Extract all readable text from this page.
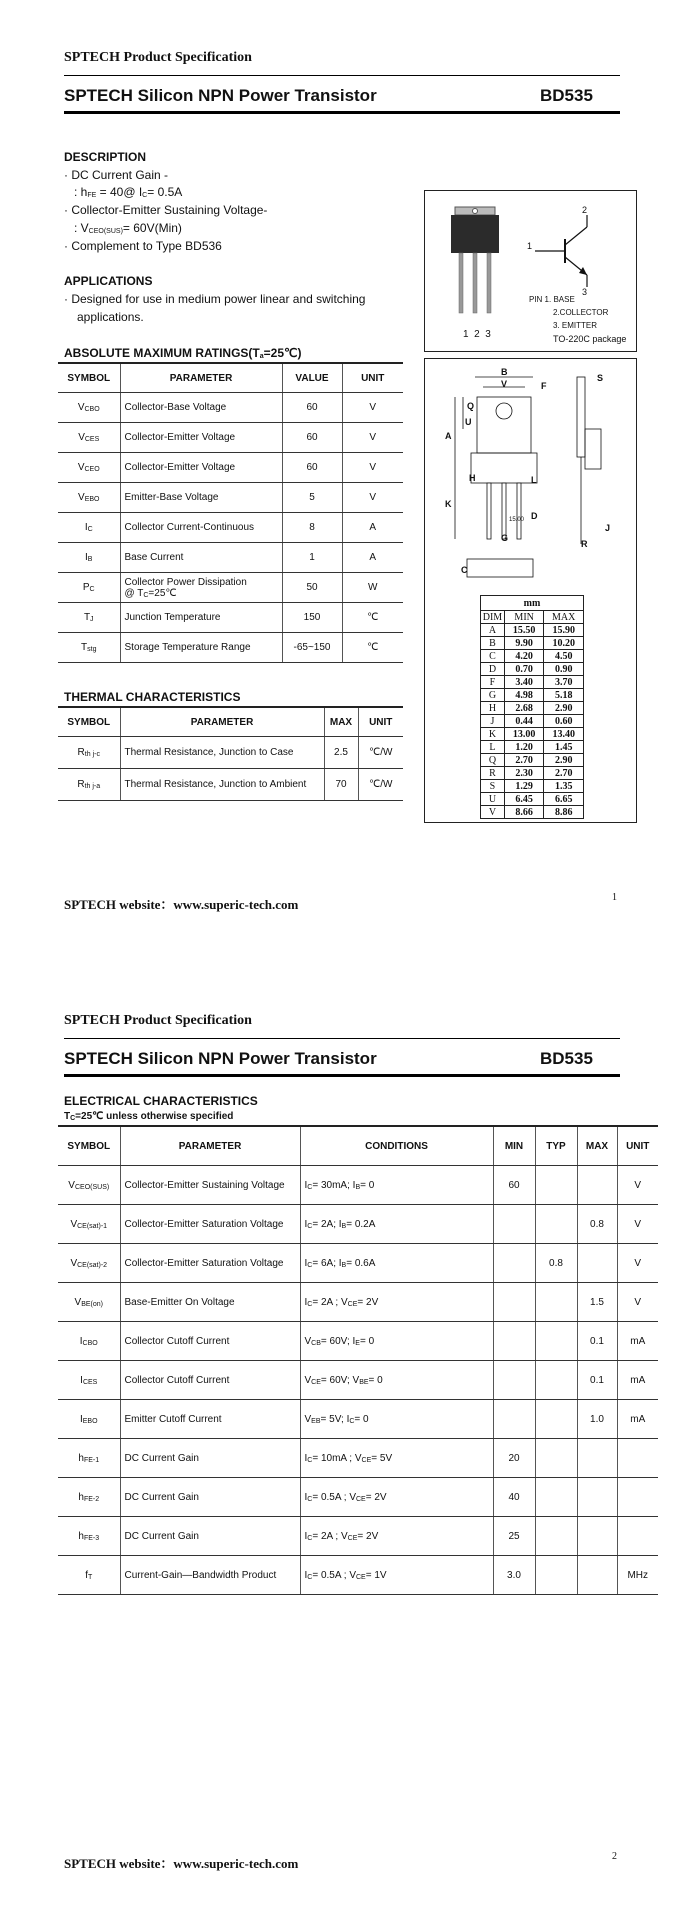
SPTECH Product Specification
SPTECH Silicon NPN Power Transistor	BD535
DESCRIPTION
· DC Current Gain -
: hFE = 40@ IC= 0.5A
· Collector-Emitter Sustaining Voltage-
: VCEO(SUS)= 60V(Min)
· Complement to Type BD536
APPLICATIONS
· Designed for use in medium power linear and switching
applications.
ABSOLUTE MAXIMUM RATINGS(Ta=25℃)
SYMBOL	PARAMETER	VALUE	UNIT
VCBO	Collector-Base Voltage	60	V
VCES	Collector-Emitter Voltage	60	V
VCEO	Collector-Emitter Voltage	60	V
VEBO	Emitter-Base Voltage	5	V
IC	Collector Current-Continuous	8	A
IB	Base Current	1	A
PC	Collector Power Dissipation
@ TC=25℃	50	W
TJ	Junction Temperature	150	℃
Tstg	Storage Temperature Range	-65~150	℃
THERMAL CHARACTERISTICS
SYMBOL	PARAMETER	MAX	UNIT
Rth j-c	Thermal Resistance, Junction to Case	2.5	℃/W
Rth j-a	Thermal Resistance, Junction to Ambient	70	℃/W
1  2  3
2
1
3
PIN 1. BASE
2.COLLECTOR
3. EMITTER
TO-220C package
B
V	F
S
Q
U
A
H	L
K
D
15.00
G
R
J
C
mm		
DIM	MIN	MAX
A	15.50	15.90
B	9.90	10.20
C	4.20	4.50
D	0.70	0.90
F	3.40	3.70
G	4.98	5.18
H	2.68	2.90
J	0.44	0.60
K	13.00	13.40
L	1.20	1.45
Q	2.70	2.90
R	2.30	2.70
S	1.29	1.35
U	6.45	6.65
V	8.66	8.86
SPTECH website：www.superic-tech.com	1
SPTECH Product Specification
SPTECH Silicon NPN Power Transistor	BD535
ELECTRICAL CHARACTERISTICS
TC=25℃ unless otherwise specified
SYMBOL	PARAMETER	CONDITIONS	MIN	TYP	MAX	UNIT
VCEO(SUS)	Collector-Emitter Sustaining Voltage	IC= 30mA; IB= 0	60			V
VCE(sat)-1	Collector-Emitter Saturation Voltage	IC= 2A; IB= 0.2A			0.8	V
VCE(sat)-2	Collector-Emitter Saturation Voltage	IC= 6A; IB= 0.6A		0.8		V
VBE(on)	Base-Emitter On Voltage	IC= 2A ; VCE= 2V			1.5	V
ICBO	Collector Cutoff Current	VCB= 60V; IE= 0			0.1	mA
ICES	Collector Cutoff Current	VCE= 60V; VBE= 0			0.1	mA
IEBO	Emitter Cutoff Current	VEB= 5V; IC= 0			1.0	mA
hFE-1	DC Current Gain	IC= 10mA ; VCE= 5V	20			
hFE-2	DC Current Gain	IC= 0.5A ; VCE= 2V	40			
hFE-3	DC Current Gain	IC= 2A ; VCE= 2V	25			
fT	Current-Gain—Bandwidth Product	IC= 0.5A ; VCE= 1V	3.0			MHz
SPTECH website：www.superic-tech.com	2
